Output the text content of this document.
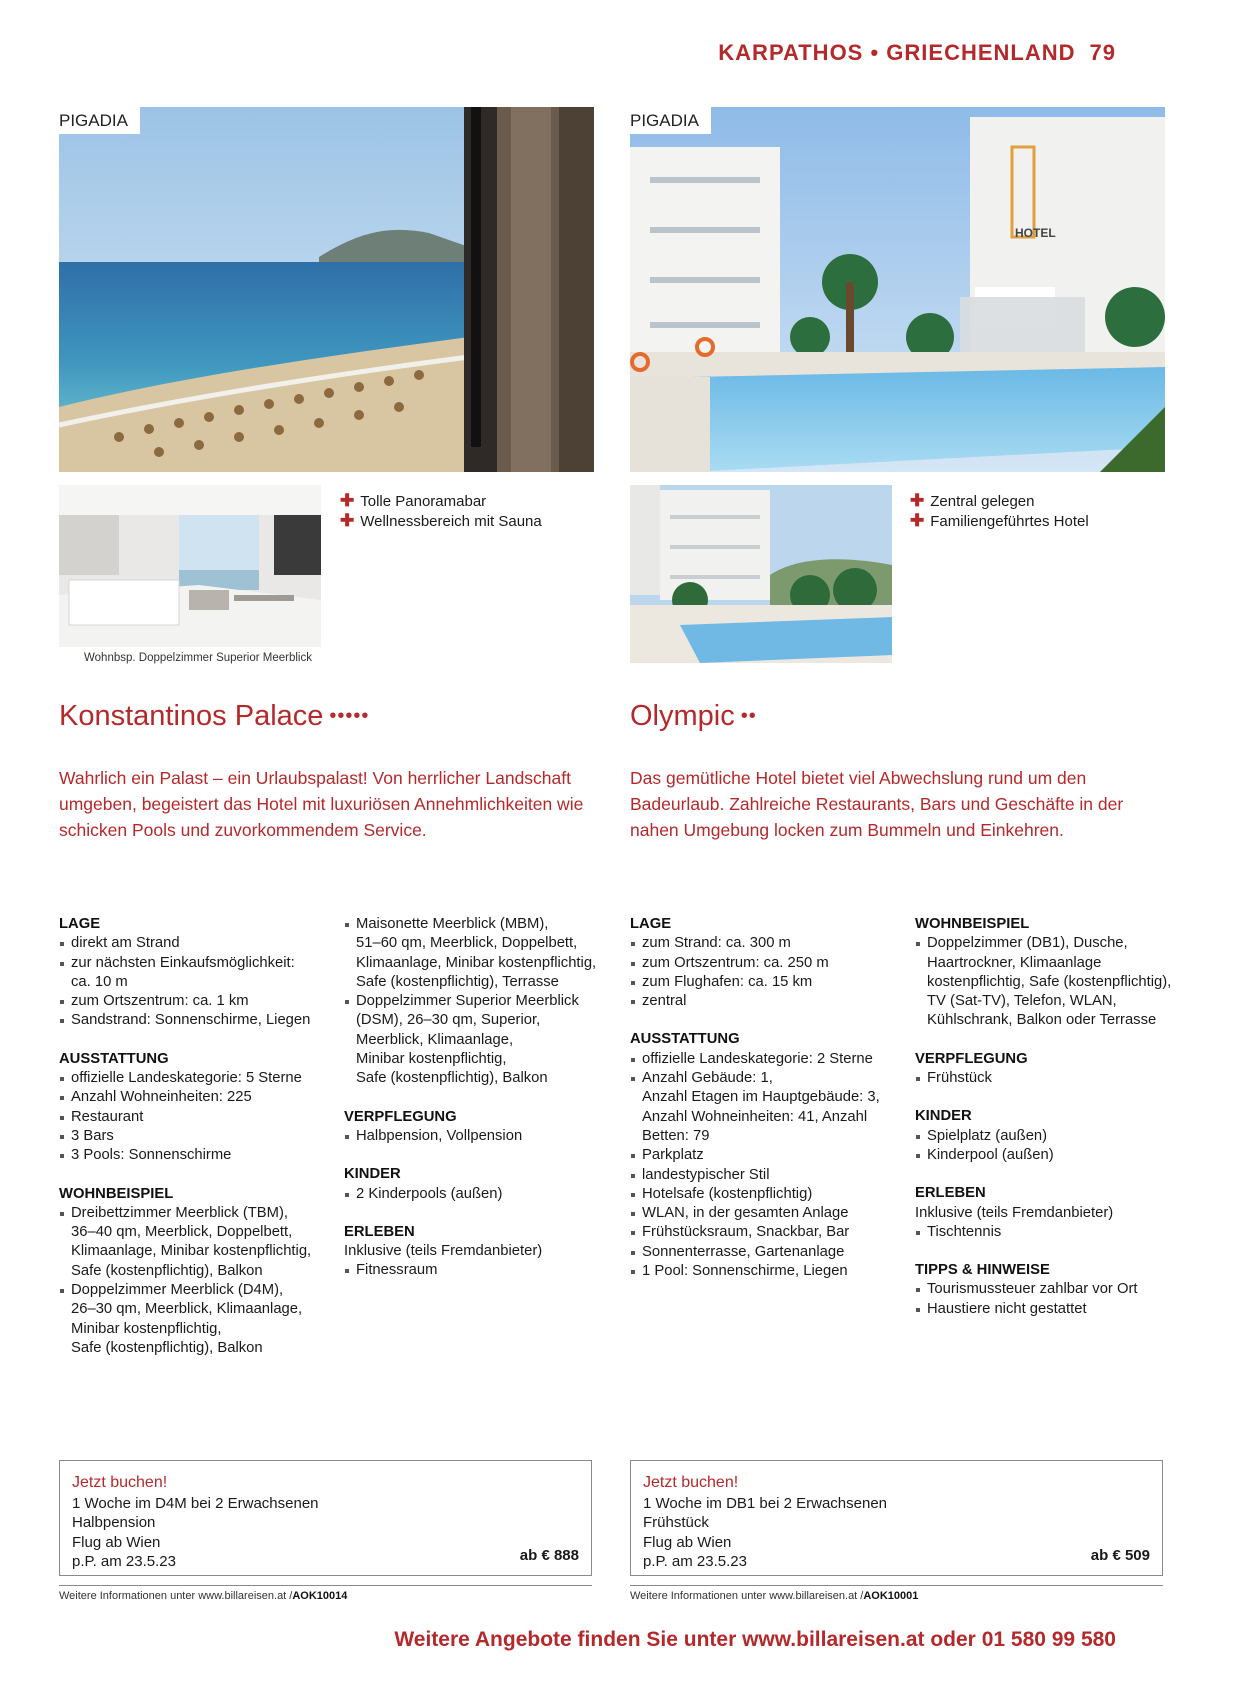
KARPATHOS • GRIECHENLAND 79
PIGADIA
HOTEL
PIGADIA
Wohnbsp. Doppelzimmer Superior Meerblick
✚ Tolle Panoramabar
✚ Wellnessbereich mit Sauna
✚ Zentral gelegen
✚ Familiengeführtes Hotel
Konstantinos Palace •••••	Olympic ••
Wahrlich ein Palast – ein Urlaubspalast! Von herrlicher Landschaft umgeben, begeistert das Hotel mit luxuriösen Annehmlichkeiten wie schicken Pools und zuvorkommendem Service.
Das gemütliche Hotel bietet viel Abwechslung rund um den Badeurlaub. Zahlreiche Restaurants, Bars und Geschäfte in der nahen Umgebung locken zum Bummeln und Einkehren.
LAGE
direkt am Strand
zur nächsten Einkaufsmöglichkeit:
ca. 10 m
zum Ortszentrum: ca. 1 km
Sandstrand: Sonnenschirme, Liegen
AUSSTATTUNG
offizielle Landeskategorie: 5 Sterne
Anzahl Wohneinheiten: 225
Restaurant
3 Bars
3 Pools: Sonnenschirme
WOHNBEISPIEL
Dreibettzimmer Meerblick (TBM),
36–40 qm, Meerblick, Doppelbett,
Klimaanlage, Minibar kostenpflichtig,
Safe (kostenpflichtig), Balkon
Doppelzimmer Meerblick (D4M),
26–30 qm, Meerblick, Klimaanlage,
Minibar kostenpflichtig,
Safe (kostenpflichtig), Balkon
Maisonette Meerblick (MBM),
51–60 qm, Meerblick, Doppelbett,
Klimaanlage, Minibar kostenpflichtig,
Safe (kostenpflichtig), Terrasse
Doppelzimmer Superior Meerblick
(DSM), 26–30 qm, Superior,
Meerblick, Klimaanlage,
Minibar kostenpflichtig,
Safe (kostenpflichtig), Balkon
VERPFLEGUNG
Halbpension, Vollpension
KINDER
2 Kinderpools (außen)
ERLEBEN
Inklusive (teils Fremdanbieter)
Fitnessraum
LAGE
zum Strand: ca. 300 m
zum Ortszentrum: ca. 250 m
zum Flughafen: ca. 15 km
zentral
AUSSTATTUNG
offizielle Landeskategorie: 2 Sterne
Anzahl Gebäude: 1,
Anzahl Etagen im Hauptgebäude: 3,
Anzahl Wohneinheiten: 41, Anzahl
Betten: 79
Parkplatz
landestypischer Stil
Hotelsafe (kostenpflichtig)
WLAN, in der gesamten Anlage
Frühstücksraum, Snackbar, Bar
Sonnenterrasse, Gartenanlage
1 Pool: Sonnenschirme, Liegen
WOHNBEISPIEL
Doppelzimmer (DB1), Dusche,
Haartrockner, Klimaanlage
kostenpflichtig, Safe (kostenpflichtig),
TV (Sat-TV), Telefon, WLAN,
Kühlschrank, Balkon oder Terrasse
VERPFLEGUNG
Frühstück
KINDER
Spielplatz (außen)
Kinderpool (außen)
ERLEBEN
Inklusive (teils Fremdanbieter)
Tischtennis
TIPPS & HINWEISE
Tourismussteuer zahlbar vor Ort
Haustiere nicht gestattet
Jetzt buchen!
1 Woche im D4M bei 2 Erwachsenen
Halbpension
Flug ab Wien
p.P. am 23.5.23	ab € 888
Jetzt buchen!
1 Woche im DB1 bei 2 Erwachsenen
Frühstück
Flug ab Wien
p.P. am 23.5.23	ab € 509
Weitere Informationen unter www.billareisen.at /AOK10014	Weitere Informationen unter www.billareisen.at /AOK10001
Weitere Angebote finden Sie unter www.billareisen.at oder 01 580 99 580
